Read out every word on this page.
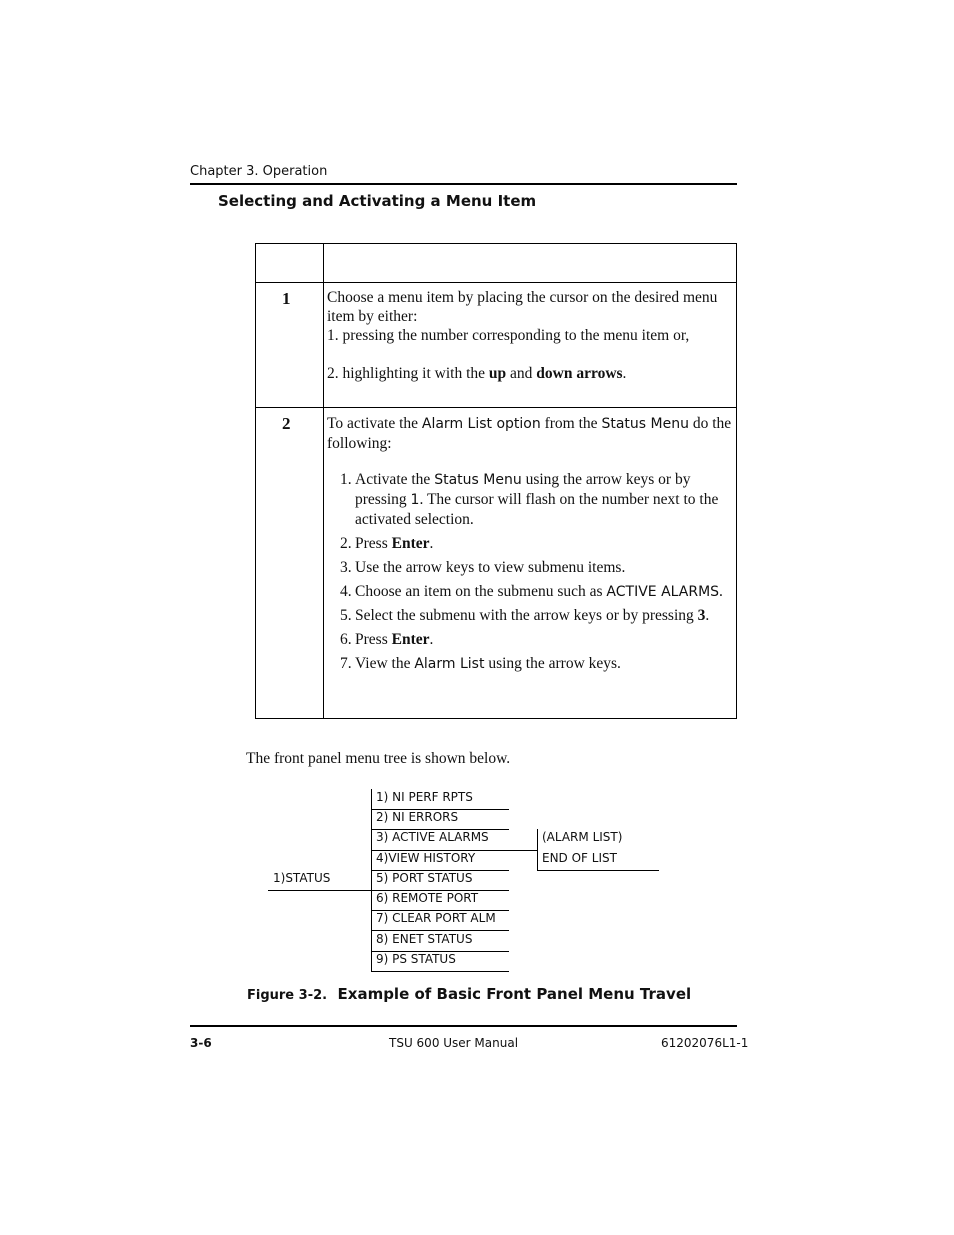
Chapter 3. Operation
Selecting and Activating a Menu Item
1 Choose a menu item by placing the cursor on the desired menu item by either:
1. pressing the number corresponding to the menu item or,
2. highlighting it with the up and down arrows.
2 To activate the Alarm List option from the Status Menu do the following:
1. Activate the Status Menu using the arrow keys or by pressing 1. The cursor will flash on the number next to the activated selection.
2. Press Enter.
3. Use the arrow keys to view submenu items.
4. Choose an item on the submenu such as ACTIVE ALARMS.
5. Select the submenu with the arrow keys or by pressing 3.
6. Press Enter.
7. View the Alarm List using the arrow keys.
The front panel menu tree is shown below.
1)STATUS
1) NI PERF RPTS
2) NI ERRORS
3) ACTIVE ALARMS
4)VIEW HISTORY
5) PORT STATUS
6) REMOTE PORT
7) CLEAR PORT ALM
8) ENET STATUS
9) PS STATUS
(ALARM LIST)
END OF LIST
Figure 3-2.  Example of Basic Front Panel Menu Travel
3-6	TSU 600 User Manual	61202076L1-1
